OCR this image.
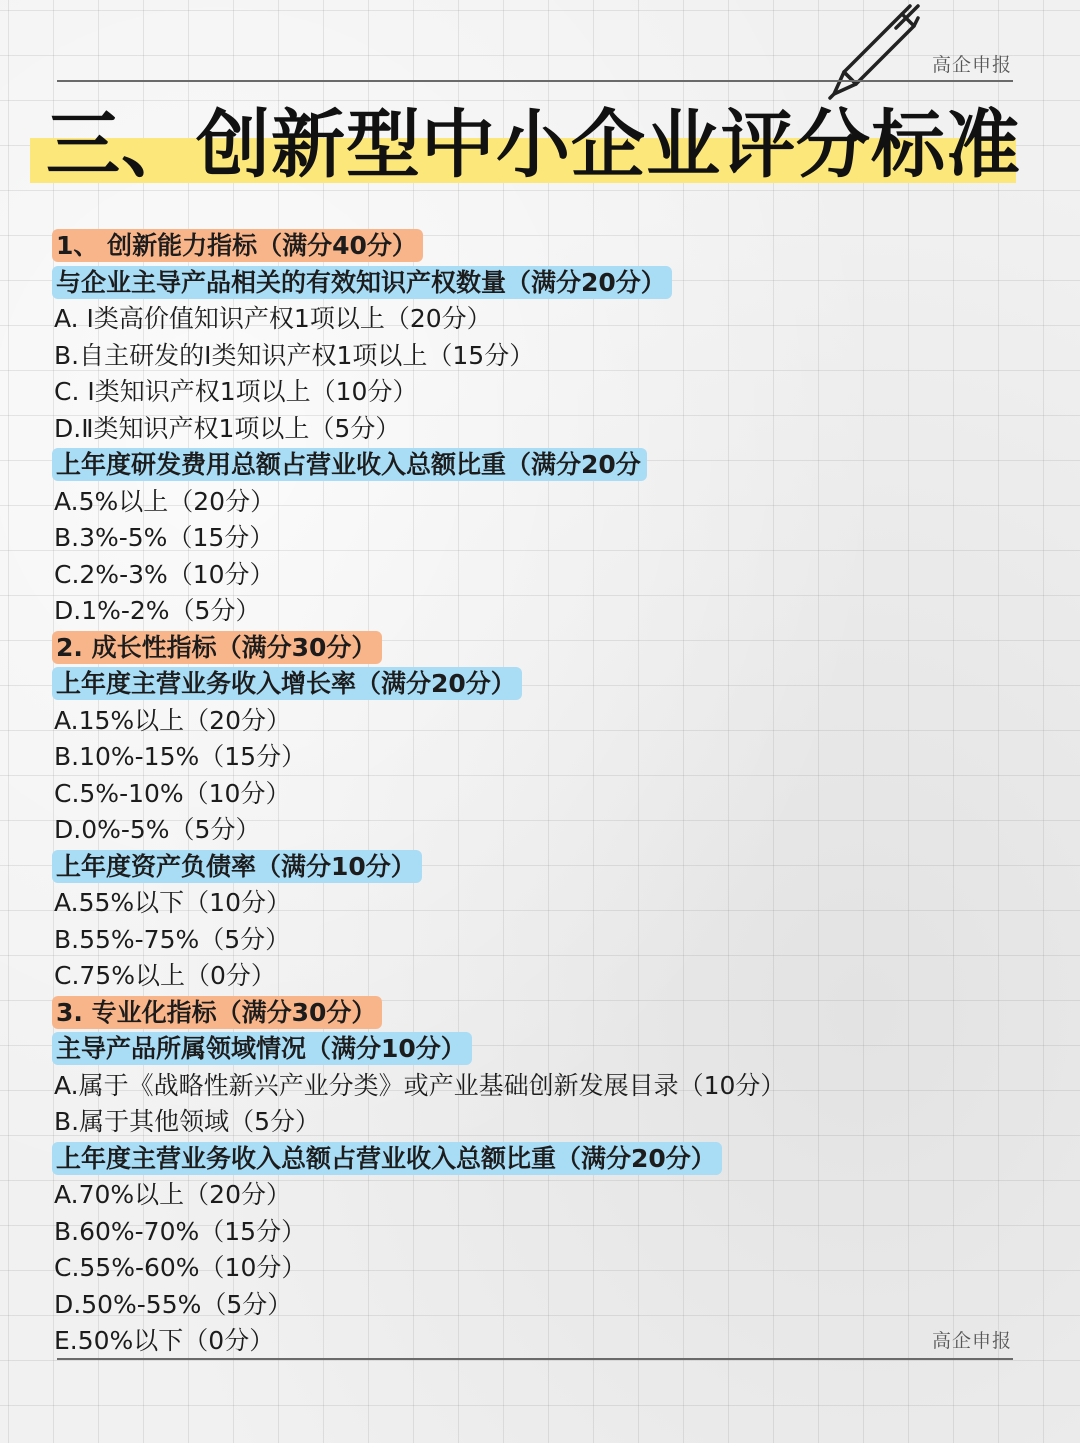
高企申报
三、创新型中小企业评分标准
1、 创新能力指标（满分40分）
与企业主导产品相关的有效知识产权数量（满分20分）
A. Ⅰ类高价值知识产权1项以上（20分）
B.自主研发的Ⅰ类知识产权1项以上（15分）
C. Ⅰ类知识产权1项以上（10分）
D.Ⅱ类知识产权1项以上（5分）
上年度研发费用总额占营业收入总额比重（满分20分
A.5%以上（20分）
B.3%-5%（15分）
C.2%-3%（10分）
D.1%-2%（5分）
2. 成长性指标（满分30分）
上年度主营业务收入增长率（满分20分）
A.15%以上（20分）
B.10%-15%（15分）
C.5%-10%（10分）
D.0%-5%（5分）
上年度资产负债率（满分10分）
A.55%以下（10分）
B.55%-75%（5分）
C.75%以上（0分）
3. 专业化指标（满分30分）
主导产品所属领域情况（满分10分）
A.属于《战略性新兴产业分类》或产业基础创新发展目录（10分）
B.属于其他领域（5分）
上年度主营业务收入总额占营业收入总额比重（满分20分）
A.70%以上（20分）
B.60%-70%（15分）
C.55%-60%（10分）
D.50%-55%（5分）
E.50%以下（0分）	高企申报
